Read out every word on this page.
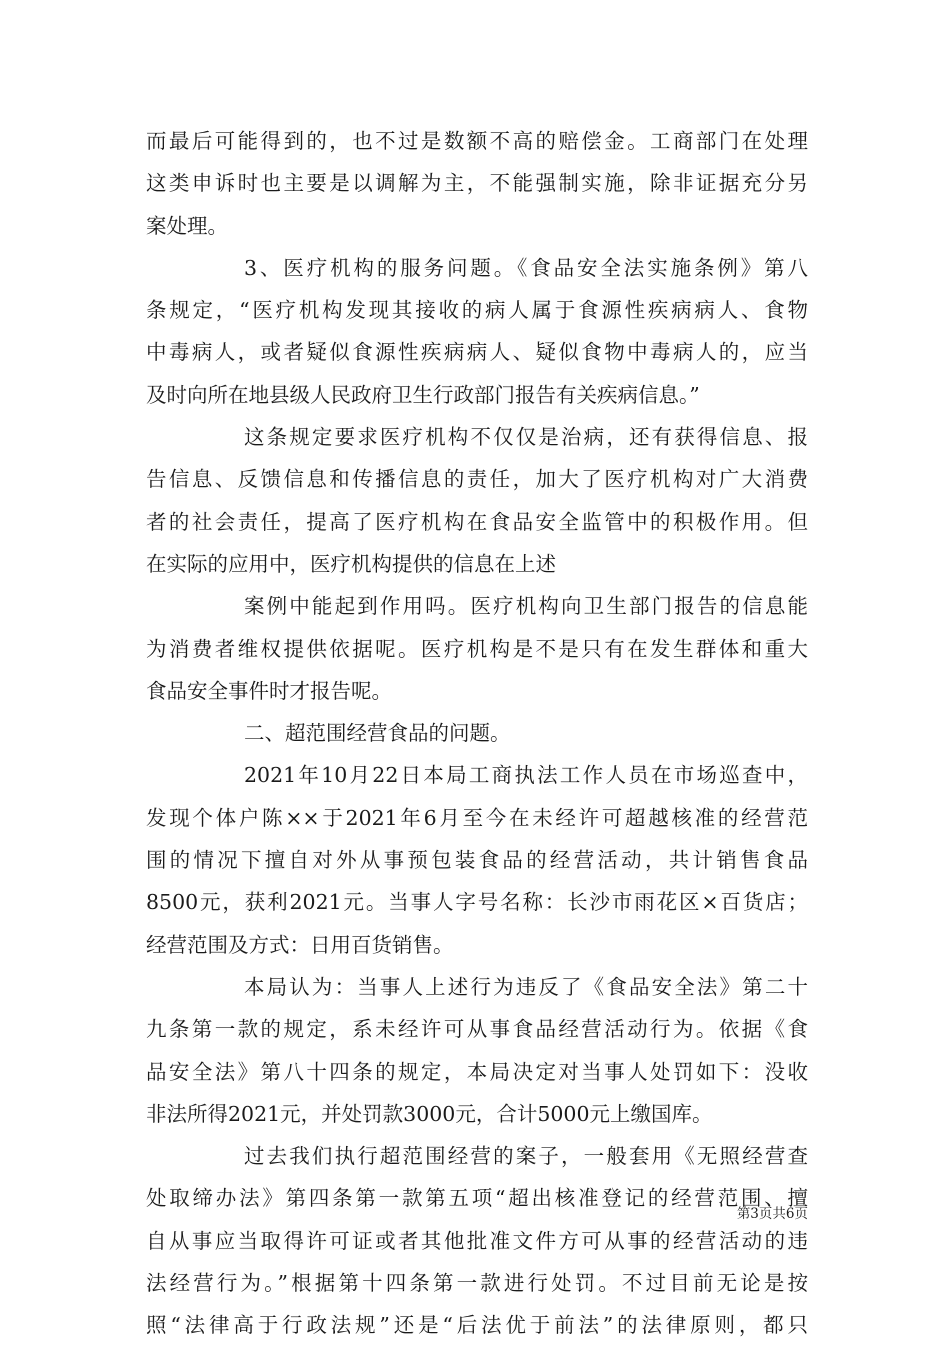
而最后可能得到的，也不过是数额不高的赔偿金。工商部门在处理
这类申诉时也主要是以调解为主，不能强制实施，除非证据充分另
案处理。
3、医疗机构的服务问题。《食品安全法实施条例》第八
条规定，“医疗机构发现其接收的病人属于食源性疾病病人、食物
中毒病人，或者疑似食源性疾病病人、疑似食物中毒病人的，应当
及时向所在地县级人民政府卫生行政部门报告有关疾病信息。”
这条规定要求医疗机构不仅仅是治病，还有获得信息、报
告信息、反馈信息和传播信息的责任，加大了医疗机构对广大消费
者的社会责任，提高了医疗机构在食品安全监管中的积极作用。但
在实际的应用中，医疗机构提供的信息在上述
案例中能起到作用吗。医疗机构向卫生部门报告的信息能
为消费者维权提供依据呢。医疗机构是不是只有在发生群体和重大
食品安全事件时才报告呢。
二、超范围经营食品的问题。
2021年10月22日本局工商执法工作人员在市场巡查中，
发现个体户陈××于2021年6月至今在未经许可超越核准的经营范
围的情况下擅自对外从事预包装食品的经营活动，共计销售食品
8500元，获利2021元。当事人字号名称：长沙市雨花区×百货店；
经营范围及方式：日用百货销售。
本局认为：当事人上述行为违反了《食品安全法》第二十
九条第一款的规定，系未经许可从事食品经营活动行为。依据《食
品安全法》第八十四条的规定，本局决定对当事人处罚如下：没收
非法所得2021元，并处罚款3000元，合计5000元上缴国库。
过去我们执行超范围经营的案子，一般套用《无照经营查
处取缔办法》第四条第一款第五项“超出核准登记的经营范围、擅
自从事应当取得许可证或者其他批准文件方可从事的经营活动的违
法经营行为。”根据第十四条第一款进行处罚。不过目前无论是按
照“法律高于行政法规”还是“后法优于前法”的法律原则，都只
第3页共6页
